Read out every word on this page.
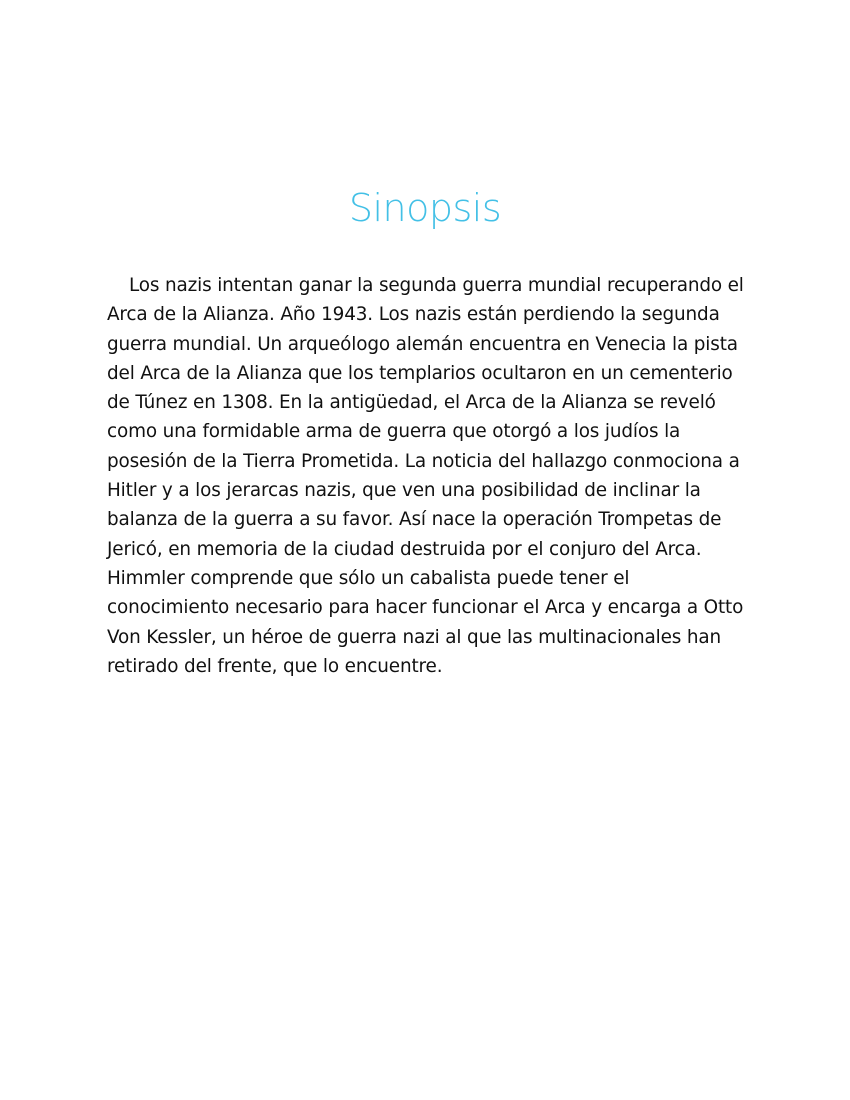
Sinopsis

Los nazis intentan ganar la segunda guerra mundial recuperando el Arca de la Alianza. Año 1943. Los nazis están perdiendo la segunda guerra mundial. Un arqueólogo alemán encuentra en Venecia la pista del Arca de la Alianza que los templarios ocultaron en un cementerio de Túnez en 1308. En la antigüedad, el Arca de la Alianza se reveló como una formidable arma de guerra que otorgó a los judíos la posesión de la Tierra Prometida. La noticia del hallazgo conmociona a Hitler y a los jerarcas nazis, que ven una posibilidad de inclinar la balanza de la guerra a su favor. Así nace la operación Trompetas de Jericó, en memoria de la ciudad destruida por el conjuro del Arca. Himmler comprende que sólo un cabalista puede tener el conocimiento necesario para hacer funcionar el Arca y encarga a Otto Von Kessler, un héroe de guerra nazi al que las multinacionales han retirado del frente, que lo encuentre.
